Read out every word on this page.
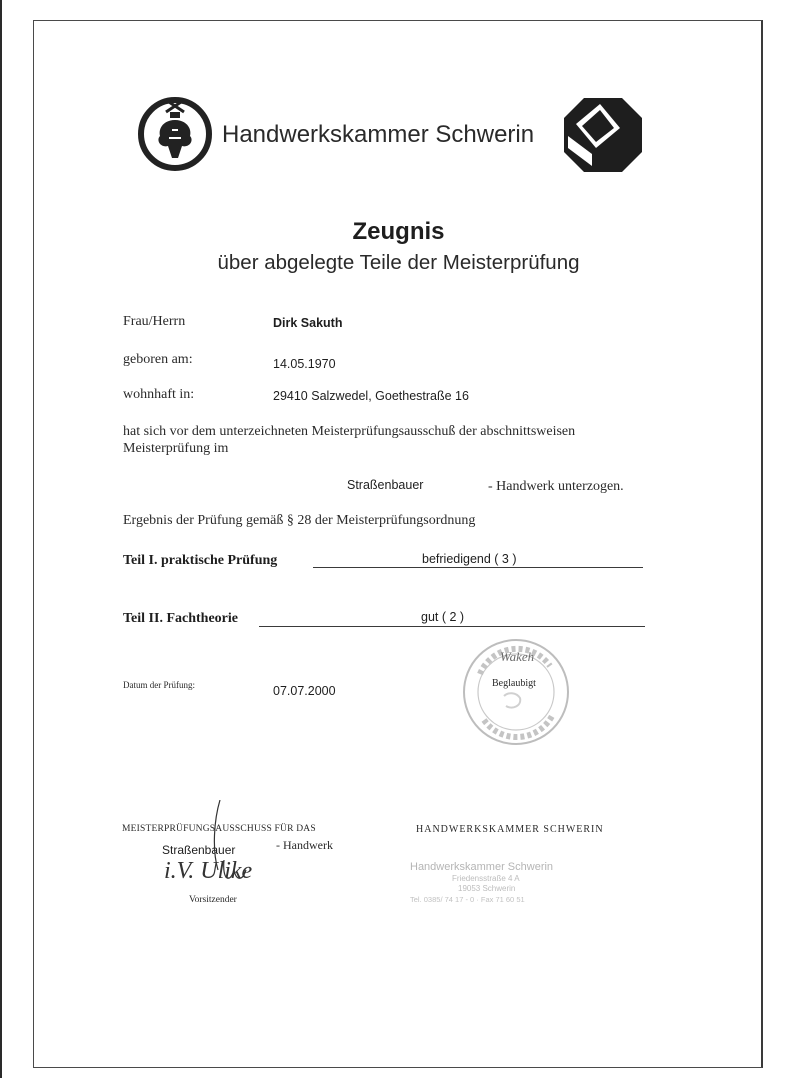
Handwerkskammer Schwerin
Zeugnis
über abgelegte Teile der Meisterprüfung
Frau/Herrn	Dirk Sakuth
geboren am:	14.05.1970
wohnhaft in:	29410 Salzwedel, Goethestraße 16
hat sich vor dem unterzeichneten Meisterprüfungsausschuß der abschnittsweisen
Meisterprüfung im
Straßenbauer	- Handwerk unterzogen.
Ergebnis der Prüfung gemäß § 28 der Meisterprüfungsordnung
Teil I. praktische Prüfung	befriedigend ( 3 )
Teil II. Fachtheorie	gut ( 2 )
Datum der Prüfung:	07.07.2000
Wakeh
Beglaubigt
MEISTERPRÜFUNGSAUSSCHUSS FÜR DAS
Straßenbauer	- Handwerk
i.V. Ulike
Vorsitzender
HANDWERKSKAMMER SCHWERIN
Handwerkskammer Schwerin
Friedensstraße 4 A
19053 Schwerin
Tel. 0385/ 74 17 - 0 · Fax 71 60 51
